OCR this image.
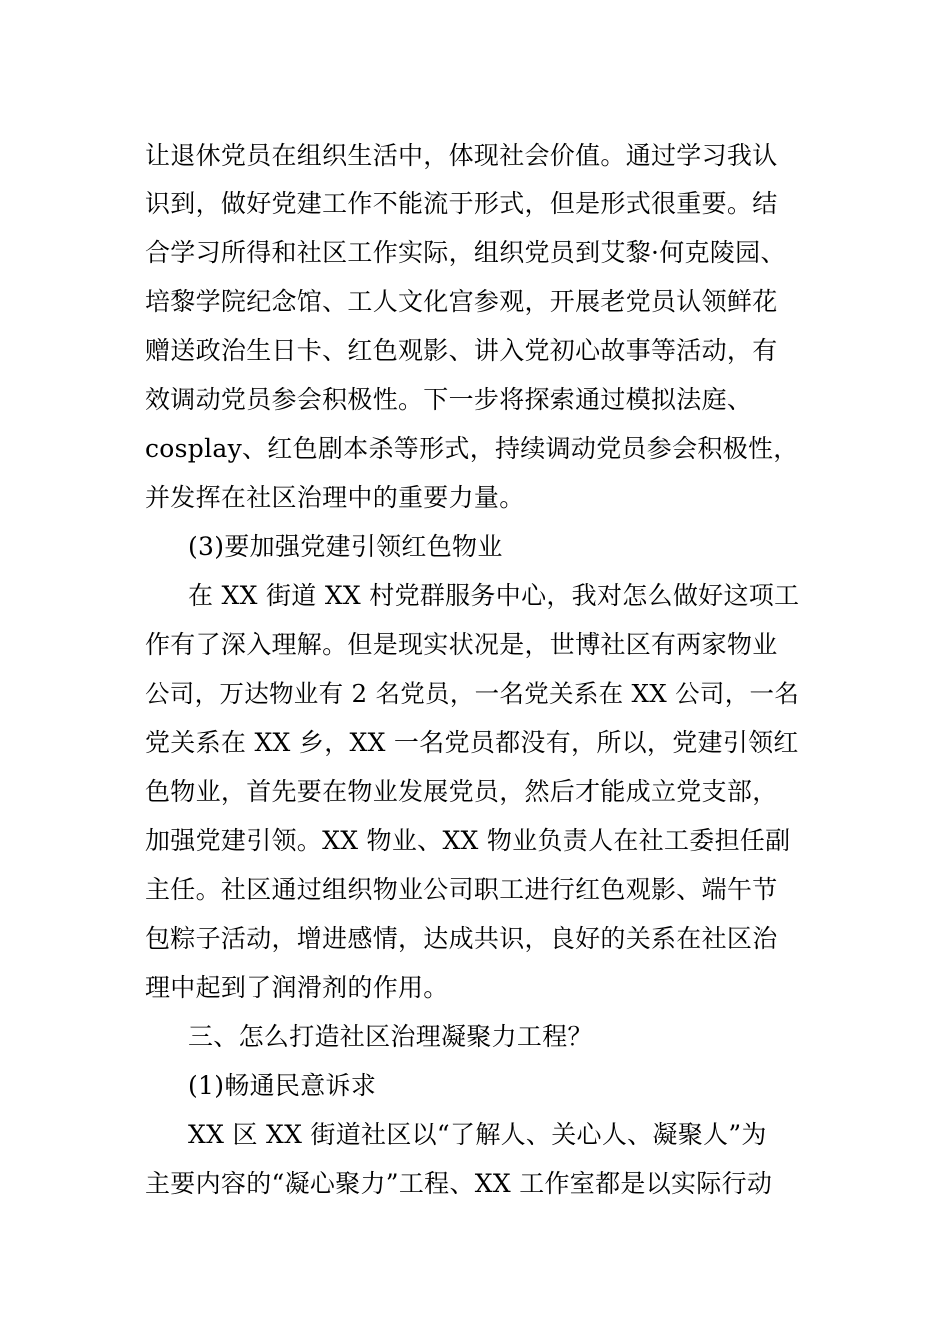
让退休党员在组织生活中，体现社会价值。通过学习我认
识到，做好党建工作不能流于形式，但是形式很重要。结
合学习所得和社区工作实际，组织党员到艾黎·何克陵园、
培黎学院纪念馆、工人文化宫参观，开展老党员认领鲜花
赠送政治生日卡、红色观影、讲入党初心故事等活动，有
效调动党员参会积极性。下一步将探索通过模拟法庭、
cosplay、红色剧本杀等形式，持续调动党员参会积极性，
并发挥在社区治理中的重要力量。
(3)要加强党建引领红色物业
在 XX 街道 XX 村党群服务中心，我对怎么做好这项工
作有了深入理解。但是现实状况是，世博社区有两家物业
公司，万达物业有 2 名党员，一名党关系在 XX 公司，一名
党关系在 XX 乡，XX 一名党员都没有，所以，党建引领红
色物业，首先要在物业发展党员，然后才能成立党支部，
加强党建引领。XX 物业、XX 物业负责人在社工委担任副
主任。社区通过组织物业公司职工进行红色观影、端午节
包粽子活动，增进感情，达成共识，良好的关系在社区治
理中起到了润滑剂的作用。
三、怎么打造社区治理凝聚力工程？
(1)畅通民意诉求
XX 区 XX 街道社区以“了解人、关心人、凝聚人”为
主要内容的“凝心聚力”工程、XX 工作室都是以实际行动
